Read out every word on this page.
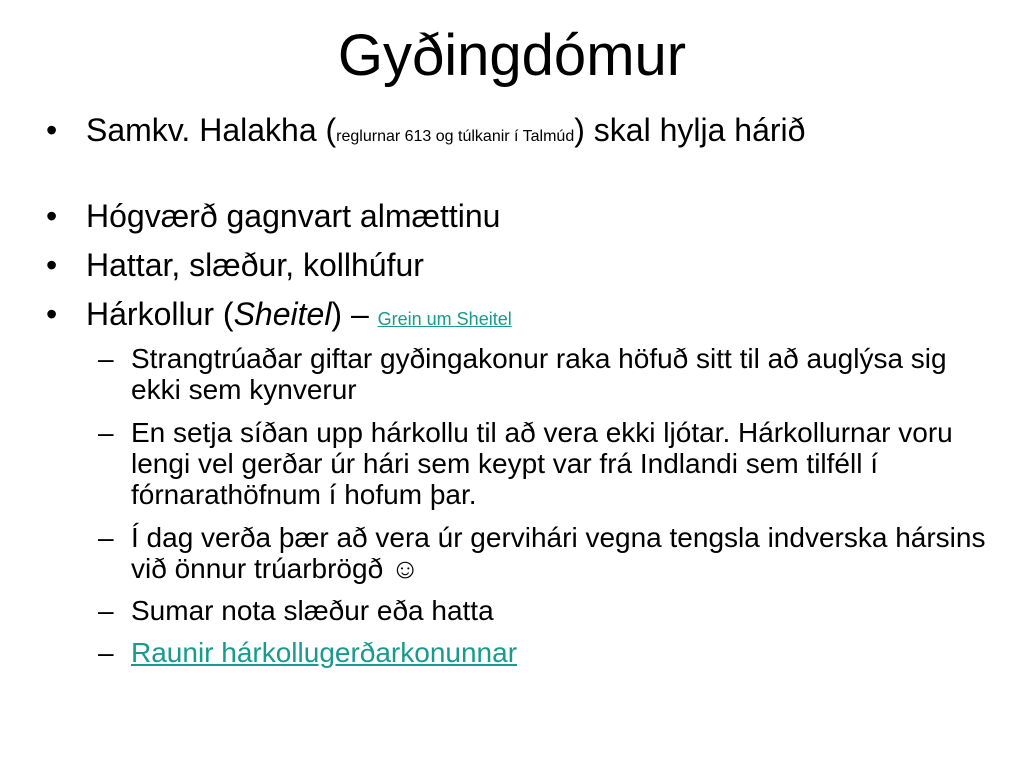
Gyðingdómur

• Samkv. Halakha (reglurnar 613 og túlkanir í Talmúd) skal hylja hárið

• Hógværð gagnvart almættinu

• Hattar, slæður, kollhúfur

• Hárkollur (Sheitel) – Grein um Sheitel

– Strangtrúaðar giftar gyðingakonur raka höfuð sitt til að auglýsa sig ekki sem kynverur

– En setja síðan upp hárkollu til að vera ekki ljótar. Hárkollurnar voru lengi vel gerðar úr hári sem keypt var frá Indlandi sem tilféll í fórnarathöfnum í hofum þar.

– Í dag verða þær að vera úr gervihári vegna tengsla indverska hársins við önnur trúarbrögð ☺

– Sumar nota slæður eða hatta

– Raunir hárkollugerðarkonunnar
